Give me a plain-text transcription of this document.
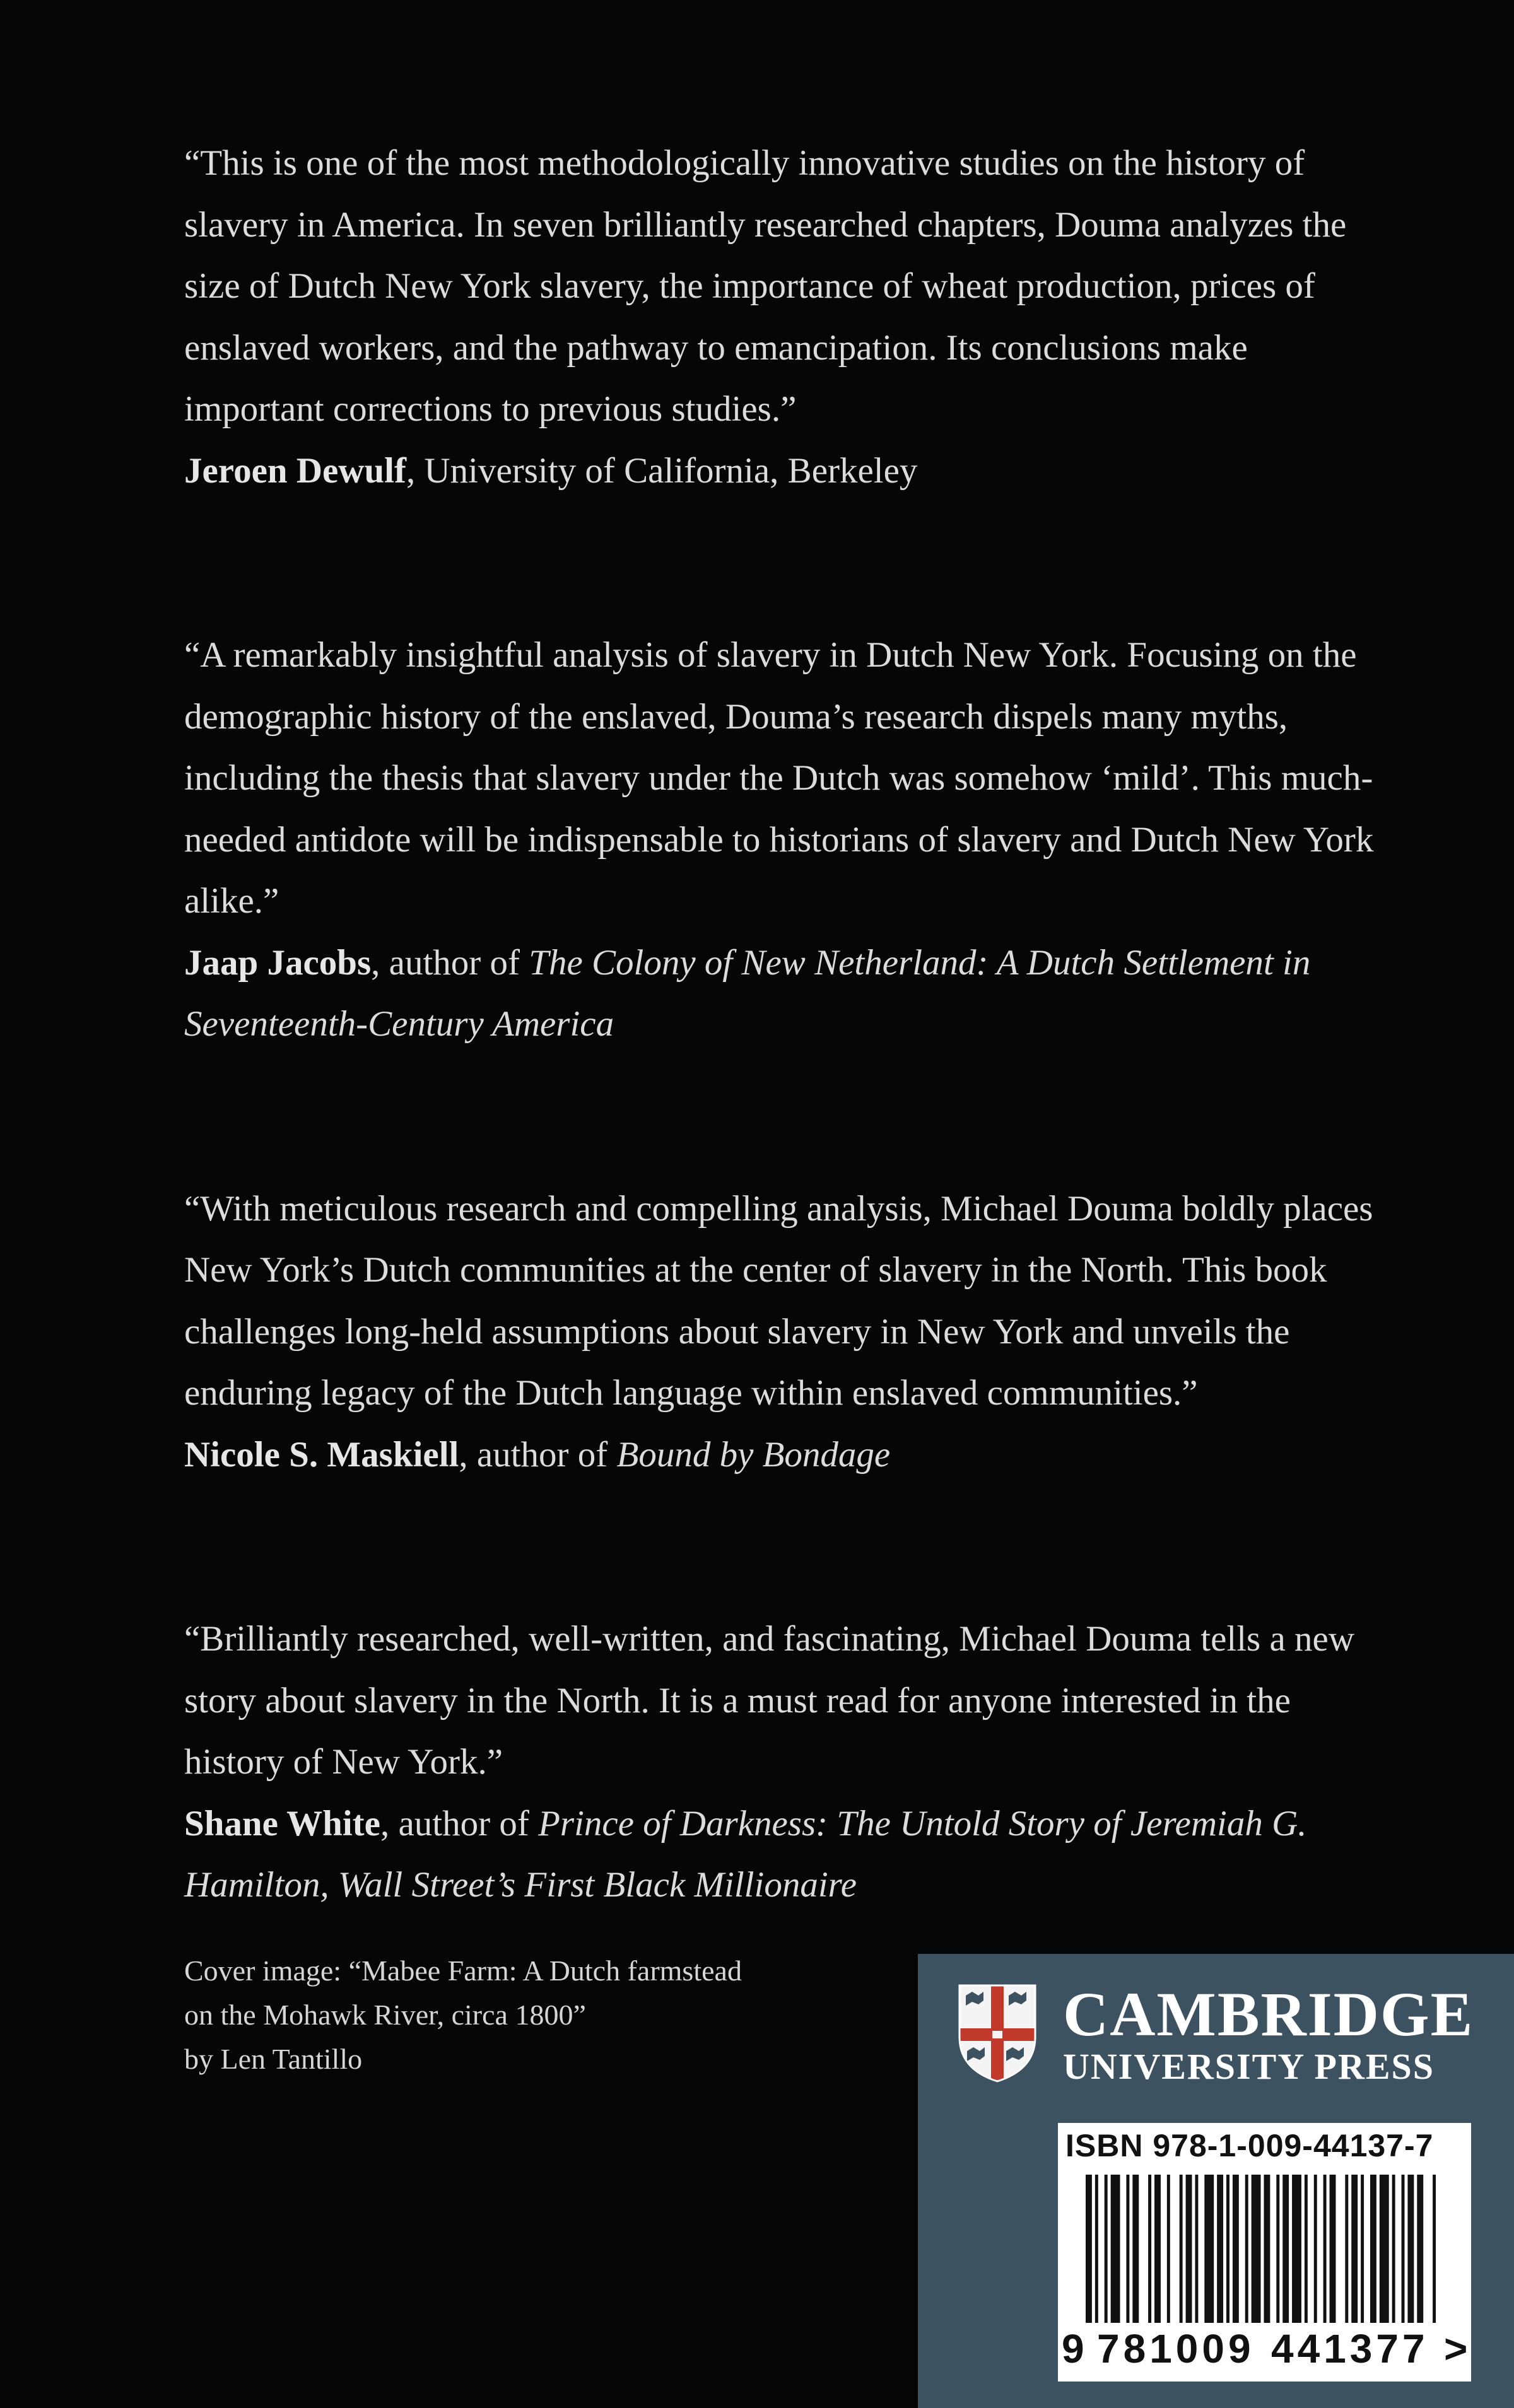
“This is one of the most methodologically innovative studies on the history of slavery in America. In seven brilliantly researched chapters, Douma analyzes the size of Dutch New York slavery, the importance of wheat production, prices of enslaved workers, and the pathway to emancipation. Its conclusions make important corrections to previous studies.”

Jeroen Dewulf, University of California, Berkeley

“A remarkably insightful analysis of slavery in Dutch New York. Focusing on the demographic history of the enslaved, Douma’s research dispels many myths, including the thesis that slavery under the Dutch was somehow ‘mild’. This much-needed antidote will be indispensable to historians of slavery and Dutch New York alike.”

Jaap Jacobs, author of The Colony of New Netherland: A Dutch Settlement in Seventeenth-Century America

“With meticulous research and compelling analysis, Michael Douma boldly places New York’s Dutch communities at the center of slavery in the North. This book challenges long-held assumptions about slavery in New York and unveils the enduring legacy of the Dutch language within enslaved communities.”

Nicole S. Maskiell, author of Bound by Bondage

“Brilliantly researched, well-written, and fascinating, Michael Douma tells a new story about slavery in the North. It is a must read for anyone interested in the history of New York.”

Shane White, author of Prince of Darkness: The Untold Story of Jeremiah G. Hamilton, Wall Street’s First Black Millionaire

Cover image: “Mabee Farm: A Dutch farmstead

on the Mohawk River, circa 1800”

by Len Tantillo

CAMBRIDGE
UNIVERSITY PRESS
ISBN 978-1-009-44137-7
9 781009 441377 >
